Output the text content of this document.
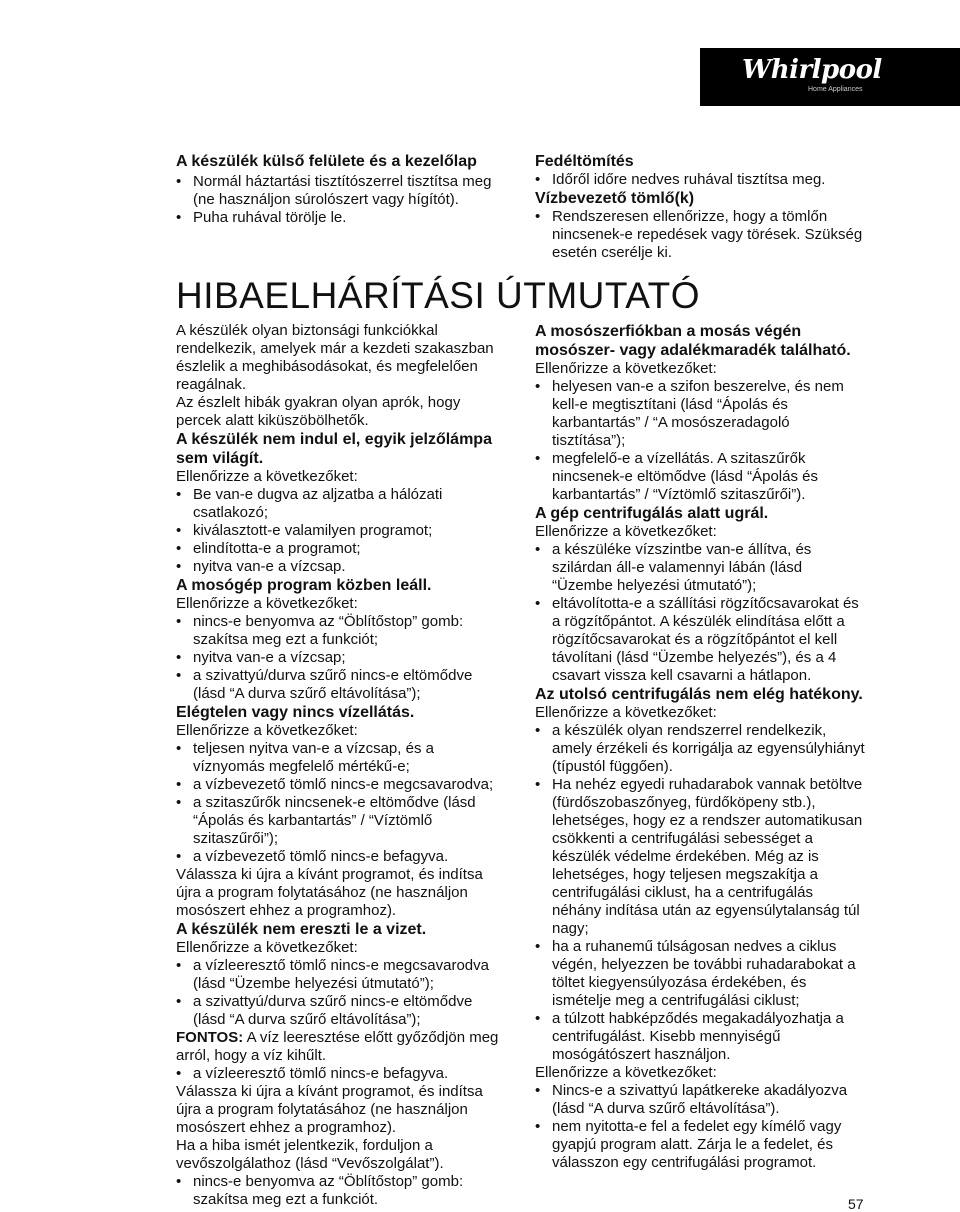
Whirlpool
Home Appliances

A készülék külső felülete és a kezelőlap

• Normál háztartási tisztítószerrel tisztítsa meg (ne használjon súrolószert vagy hígítót).

• Puha ruhával törölje le.

Fedéltömítés

• Időről időre nedves ruhával tisztítsa meg.

Vízbevezető tömlő(k)

• Rendszeresen ellenőrizze, hogy a tömlőn nincsenek-e repedések vagy törések. Szükség esetén cserélje ki.

HIBAELHÁRÍTÁSI ÚTMUTATÓ

A készülék olyan biztonsági funkciókkal rendelkezik, amelyek már a kezdeti szakaszban észlelik a meghibásodásokat, és megfelelően reagálnak.

Az észlelt hibák gyakran olyan aprók, hogy percek alatt kiküszöbölhetők.

A készülék nem indul el, egyik jelzőlámpa sem világít.

Ellenőrizze a következőket:

• Be van-e dugva az aljzatba a hálózati csatlakozó;

• kiválasztott-e valamilyen programot;

• elindította-e a programot;

• nyitva van-e a vízcsap.

A mosógép program közben leáll.

Ellenőrizze a következőket:

• nincs-e benyomva az “Öblítőstop” gomb: szakítsa meg ezt a funkciót;

• nyitva van-e a vízcsap;

• a szivattyú/durva szűrő nincs-e eltömődve (lásd “A durva szűrő eltávolítása”);

Elégtelen vagy nincs vízellátás.

Ellenőrizze a következőket:

• teljesen nyitva van-e a vízcsap, és a víznyomás megfelelő mértékű-e;

• a vízbevezető tömlő nincs-e megcsavarodva;

• a szitaszűrők nincsenek-e eltömődve (lásd “Ápolás és karbantartás” / “Víztömlő szitaszűrői”);

• a vízbevezető tömlő nincs-e befagyva.

Válassza ki újra a kívánt programot, és indítsa újra a program folytatásához (ne használjon mosószert ehhez a programhoz).

A készülék nem ereszti le a vizet.

Ellenőrizze a következőket:

• a vízleeresztő tömlő nincs-e megcsavarodva (lásd “Üzembe helyezési útmutató”);

• a szivattyú/durva szűrő nincs-e eltömődve (lásd “A durva szűrő eltávolítása”);

FONTOS: A víz leeresztése előtt győződjön meg arról, hogy a víz kihűlt.

• a vízleeresztő tömlő nincs-e befagyva.

Válassza ki újra a kívánt programot, és indítsa újra a program folytatásához (ne használjon mosószert ehhez a programhoz).

Ha a hiba ismét jelentkezik, forduljon a vevőszolgálathoz (lásd “Vevőszolgálat”).

• nincs-e benyomva az “Öblítőstop” gomb: szakítsa meg ezt a funkciót.

A mosószerfiókban a mosás végén mosószer- vagy adalékmaradék található.

Ellenőrizze a következőket:

• helyesen van-e a szifon beszerelve, és nem kell-e megtisztítani (lásd “Ápolás és karbantartás” / “A mosószeradagoló tisztítása”);

• megfelelő-e a vízellátás. A szitaszűrők nincsenek-e eltömődve (lásd “Ápolás és karbantartás” / “Víztömlő szitaszűrői”).

A gép centrifugálás alatt ugrál.

Ellenőrizze a következőket:

• a készüléke vízszintbe van-e állítva, és szilárdan áll-e valamennyi lábán (lásd “Üzembe helyezési útmutató”);

• eltávolította-e a szállítási rögzítőcsavarokat és a rögzítőpántot. A készülék elindítása előtt a rögzítőcsavarokat és a rögzítőpántot el kell távolítani (lásd “Üzembe helyezés”), és a 4 csavart vissza kell csavarni a hátlapon.

Az utolsó centrifugálás nem elég hatékony.

Ellenőrizze a következőket:

• a készülék olyan rendszerrel rendelkezik, amely érzékeli és korrigálja az egyensúlyhiányt (típustól függően).

• Ha nehéz egyedi ruhadarabok vannak betöltve (fürdőszobaszőnyeg, fürdőköpeny stb.), lehetséges, hogy ez a rendszer automatikusan csökkenti a centrifugálási sebességet a készülék védelme érdekében. Még az is lehetséges, hogy teljesen megszakítja a centrifugálási ciklust, ha a centrifugálás néhány indítása után az egyensúlytalanság túl nagy;

• ha a ruhanemű túlságosan nedves a ciklus végén, helyezzen be további ruhadarabokat a töltet kiegyensúlyozása érdekében, és ismételje meg a centrifugálási ciklust;

• a túlzott habképződés megakadályozhatja a centrifugálást. Kisebb mennyiségű mosógátószert használjon.

Ellenőrizze a következőket:

• Nincs-e a szivattyú lapátkereke akadályozva (lásd “A durva szűrő eltávolítása”).

• nem nyitotta-e fel a fedelet egy kímélő vagy gyapjú program alatt. Zárja le a fedelet, és válasszon egy centrifugálási programot.

57
